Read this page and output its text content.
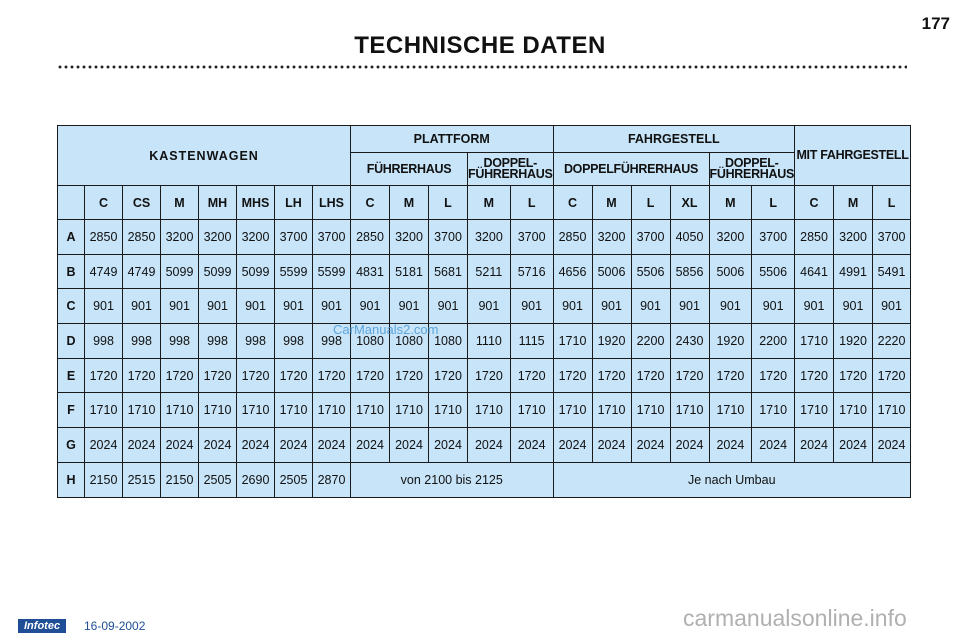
177
TECHNISCHE DATEN
KASTENWAGEN								PLATTFORM					FAHRGESTELL						MIT FAHRGESTELL		
								FÜHRERHAUS			DOPPEL-
FÜHRERHAUS		DOPPELFÜHRERHAUS				DOPPEL-
FÜHRERHAUS				
	C	CS	M	MH	MHS	LH	LHS	C	M	L	M	L	C	M	L	XL	M	L	C	M	L
A	2850	2850	3200	3200	3200	3700	3700	2850	3200	3700	3200	3700	2850	3200	3700	4050	3200	3700	2850	3200	3700
B	4749	4749	5099	5099	5099	5599	5599	4831	5181	5681	5211	5716	4656	5006	5506	5856	5006	5506	4641	4991	5491
C	901	901	901	901	901	901	901	901	901	901	901	901	901	901	901	901	901	901	901	901	901
D	998	998	998	998	998	998	998	1080	1080	1080	1110	1115	1710	1920	2200	2430	1920	2200	1710	1920	2220
E	1720	1720	1720	1720	1720	1720	1720	1720	1720	1720	1720	1720	1720	1720	1720	1720	1720	1720	1720	1720	1720
F	1710	1710	1710	1710	1710	1710	1710	1710	1710	1710	1710	1710	1710	1710	1710	1710	1710	1710	1710	1710	1710
G	2024	2024	2024	2024	2024	2024	2024	2024	2024	2024	2024	2024	2024	2024	2024	2024	2024	2024	2024	2024	2024
H	2150	2515	2150	2505	2690	2505	2870	von 2100 bis 2125					Je nach Umbau								
CarManuals2.com
Infotec	16-09-2002	carmanualsonline.info
